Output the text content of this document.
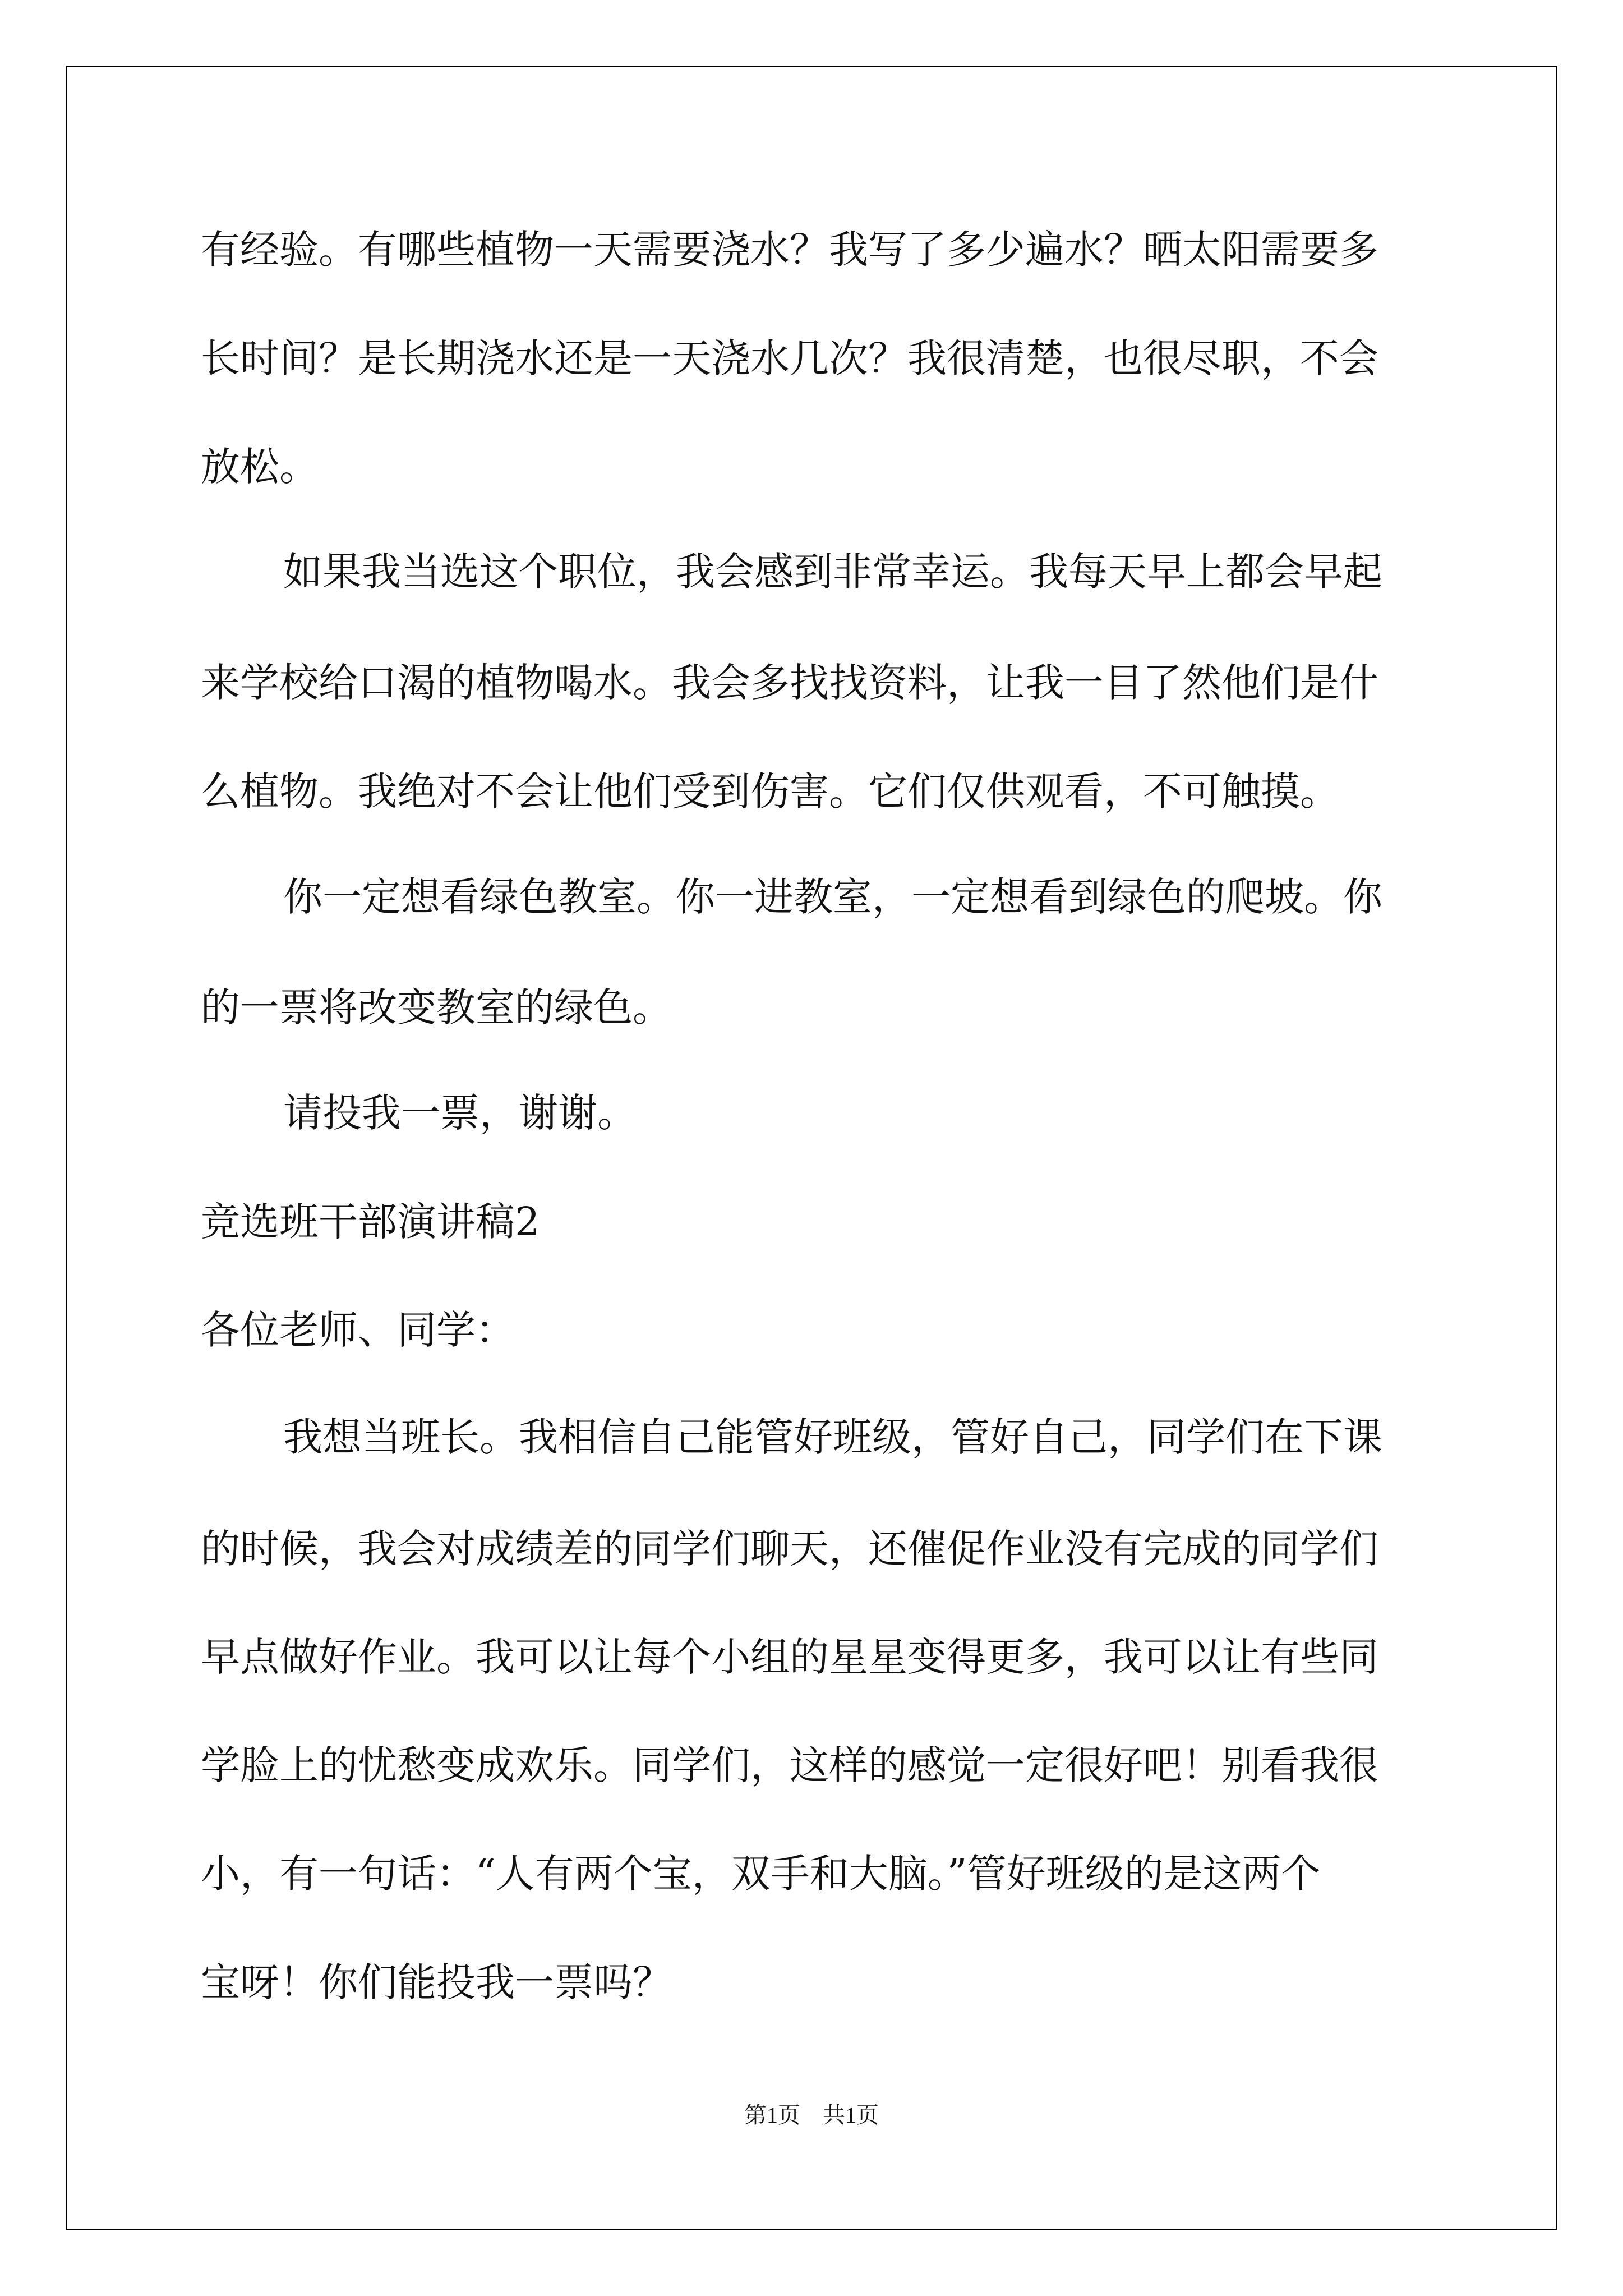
有经验。有哪些植物一天需要浇水？我写了多少遍水？晒太阳需要多
长时间？是长期浇水还是一天浇水几次？我很清楚，也很尽职，不会
放松。
如果我当选这个职位，我会感到非常幸运。我每天早上都会早起
来学校给口渴的植物喝水。我会多找找资料，让我一目了然他们是什
么植物。我绝对不会让他们受到伤害。它们仅供观看，不可触摸。
你一定想看绿色教室。你一进教室，一定想看到绿色的爬坡。你
的一票将改变教室的绿色。
请投我一票，谢谢。
竞选班干部演讲稿2
各位老师、同学：
我想当班长。我相信自己能管好班级，管好自己，同学们在下课
的时候，我会对成绩差的同学们聊天，还催促作业没有完成的同学们
早点做好作业。我可以让每个小组的星星变得更多，我可以让有些同
学脸上的忧愁变成欢乐。同学们，这样的感觉一定很好吧！别看我很
小，有一句话：“人有两个宝，双手和大脑。”管好班级的是这两个
宝呀！你们能投我一票吗？
第1页　共1页
